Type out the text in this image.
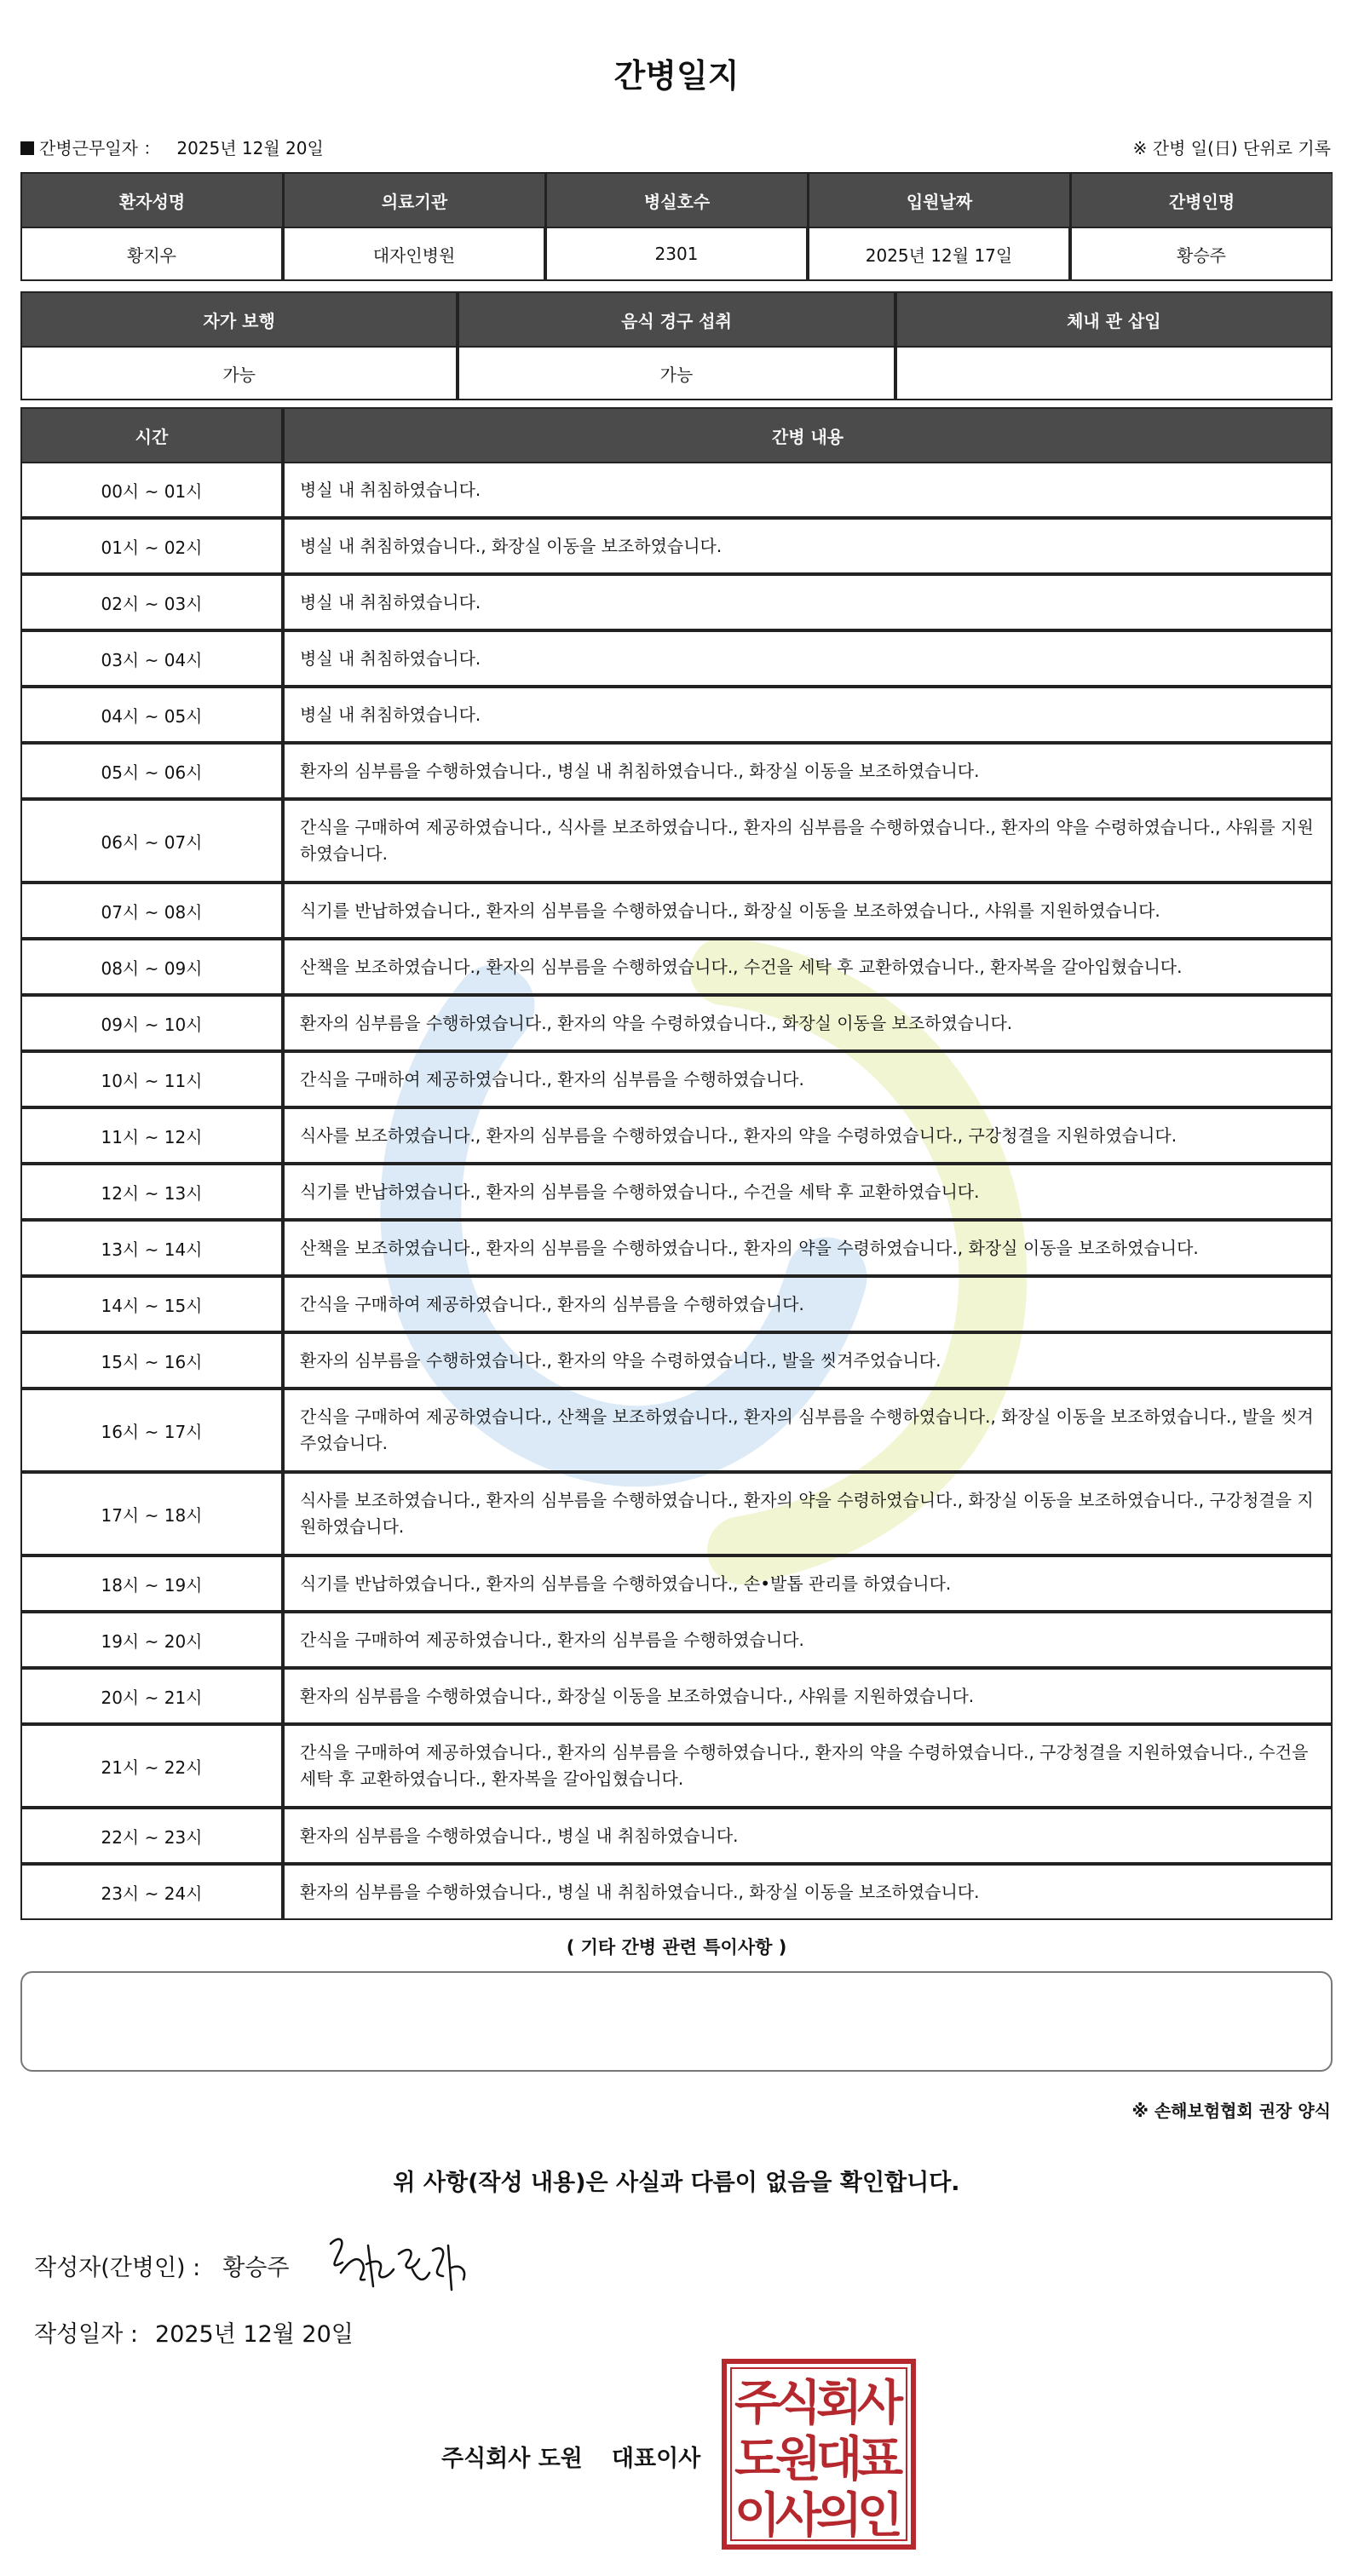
간병일지
간병근무일자 ： 2025년 12월 20일	※ 간병 일(日) 단위로 기록
환자성명	의료기관	병실호수	입원날짜	간병인명
황지우	대자인병원	2301	2025년 12월 17일	황승주
자가 보행	음식 경구 섭취	체내 관 삽입
가능	가능	
시간	간병 내용
00시 ~ 01시	병실 내 취침하였습니다.
01시 ~ 02시	병실 내 취침하였습니다., 화장실 이동을 보조하였습니다.
02시 ~ 03시	병실 내 취침하였습니다.
03시 ~ 04시	병실 내 취침하였습니다.
04시 ~ 05시	병실 내 취침하였습니다.
05시 ~ 06시	환자의 심부름을 수행하였습니다., 병실 내 취침하였습니다., 화장실 이동을 보조하였습니다.
06시 ~ 07시	간식을 구매하여 제공하였습니다., 식사를 보조하였습니다., 환자의 심부름을 수행하였습니다., 환자의 약을 수령하였습니다., 샤워를 지원하였습니다.
07시 ~ 08시	식기를 반납하였습니다., 환자의 심부름을 수행하였습니다., 화장실 이동을 보조하였습니다., 샤워를 지원하였습니다.
08시 ~ 09시	산책을 보조하였습니다., 환자의 심부름을 수행하였습니다., 수건을 세탁 후 교환하였습니다., 환자복을 갈아입혔습니다.
09시 ~ 10시	환자의 심부름을 수행하였습니다., 환자의 약을 수령하였습니다., 화장실 이동을 보조하였습니다.
10시 ~ 11시	간식을 구매하여 제공하였습니다., 환자의 심부름을 수행하였습니다.
11시 ~ 12시	식사를 보조하였습니다., 환자의 심부름을 수행하였습니다., 환자의 약을 수령하였습니다., 구강청결을 지원하였습니다.
12시 ~ 13시	식기를 반납하였습니다., 환자의 심부름을 수행하였습니다., 수건을 세탁 후 교환하였습니다.
13시 ~ 14시	산책을 보조하였습니다., 환자의 심부름을 수행하였습니다., 환자의 약을 수령하였습니다., 화장실 이동을 보조하였습니다.
14시 ~ 15시	간식을 구매하여 제공하였습니다., 환자의 심부름을 수행하였습니다.
15시 ~ 16시	환자의 심부름을 수행하였습니다., 환자의 약을 수령하였습니다., 발을 씻겨주었습니다.
16시 ~ 17시	간식을 구매하여 제공하였습니다., 산책을 보조하였습니다., 환자의 심부름을 수행하였습니다., 화장실 이동을 보조하였습니다., 발을 씻겨주었습니다.
17시 ~ 18시	식사를 보조하였습니다., 환자의 심부름을 수행하였습니다., 환자의 약을 수령하였습니다., 화장실 이동을 보조하였습니다., 구강청결을 지원하였습니다.
18시 ~ 19시	식기를 반납하였습니다., 환자의 심부름을 수행하였습니다., 손•발톱 관리를 하였습니다.
19시 ~ 20시	간식을 구매하여 제공하였습니다., 환자의 심부름을 수행하였습니다.
20시 ~ 21시	환자의 심부름을 수행하였습니다., 화장실 이동을 보조하였습니다., 샤워를 지원하였습니다.
21시 ~ 22시	간식을 구매하여 제공하였습니다., 환자의 심부름을 수행하였습니다., 환자의 약을 수령하였습니다., 구강청결을 지원하였습니다., 수건을 세탁 후 교환하였습니다., 환자복을 갈아입혔습니다.
22시 ~ 23시	환자의 심부름을 수행하였습니다., 병실 내 취침하였습니다.
23시 ~ 24시	환자의 심부름을 수행하였습니다., 병실 내 취침하였습니다., 화장실 이동을 보조하였습니다.
( 기타 간병 관련 특이사항 )
※ 손해보험협회 권장 양식
위 사항(작성 내용)은 사실과 다름이 없음을 확인합니다.
작성자(간병인) : 황승주
작성일자 : 2025년 12월 20일
주식회사 도원 대표이사
주
식
회
사
도
원
대
표
이
사
의
인
